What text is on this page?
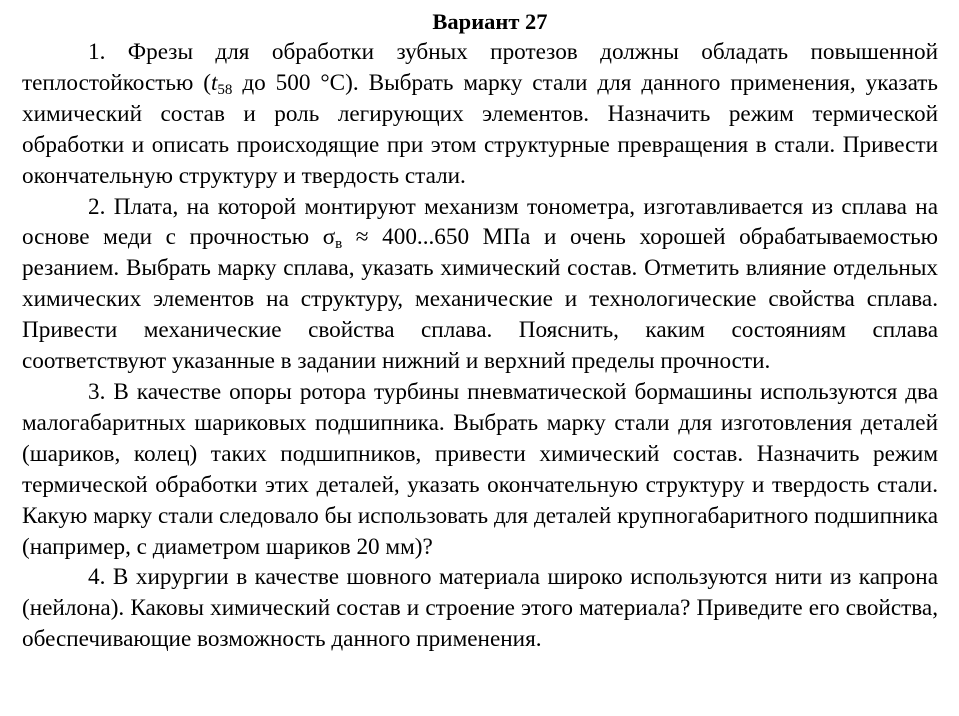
Вариант 27

1. Фрезы для обработки зубных протезов должны обладать повышенной теплостойкостью ($t_{58}$ до 500 °С). Выбрать марку стали для данного применения, указать химический состав и роль легирующих элементов. Назначить режим термической обработки и описать происходящие при этом структурные превращения в стали. Привести окончательную структуру и твердость стали.

2. Плата, на которой монтируют механизм тонометра, изготавливается из сплава на основе меди с прочностью σв ≈ 400...650 МПа и очень хорошей обрабатываемостью резанием. Выбрать марку сплава, указать химический состав. Отметить влияние отдельных химических элементов на структуру, механические и технологические свойства сплава. Привести механические свойства сплава. Пояснить, каким состояниям сплава соответствуют указанные в задании нижний и верхний пределы прочности.

3. В качестве опоры ротора турбины пневматической бормашины используются два малогабаритных шариковых подшипника. Выбрать марку стали для изготовления деталей (шариков, колец) таких подшипников, привести химический состав. Назначить режим термической обработки этих деталей, указать окончательную структуру и твердость стали. Какую марку стали следовало бы использовать для деталей крупногабаритного подшипника (например, с диаметром шариков 20 мм)?

4. В хирургии в качестве шовного материала широко используются нити из капрона (нейлона). Каковы химический состав и строение этого материала? Приведите его свойства, обеспечивающие возможность данного применения.
